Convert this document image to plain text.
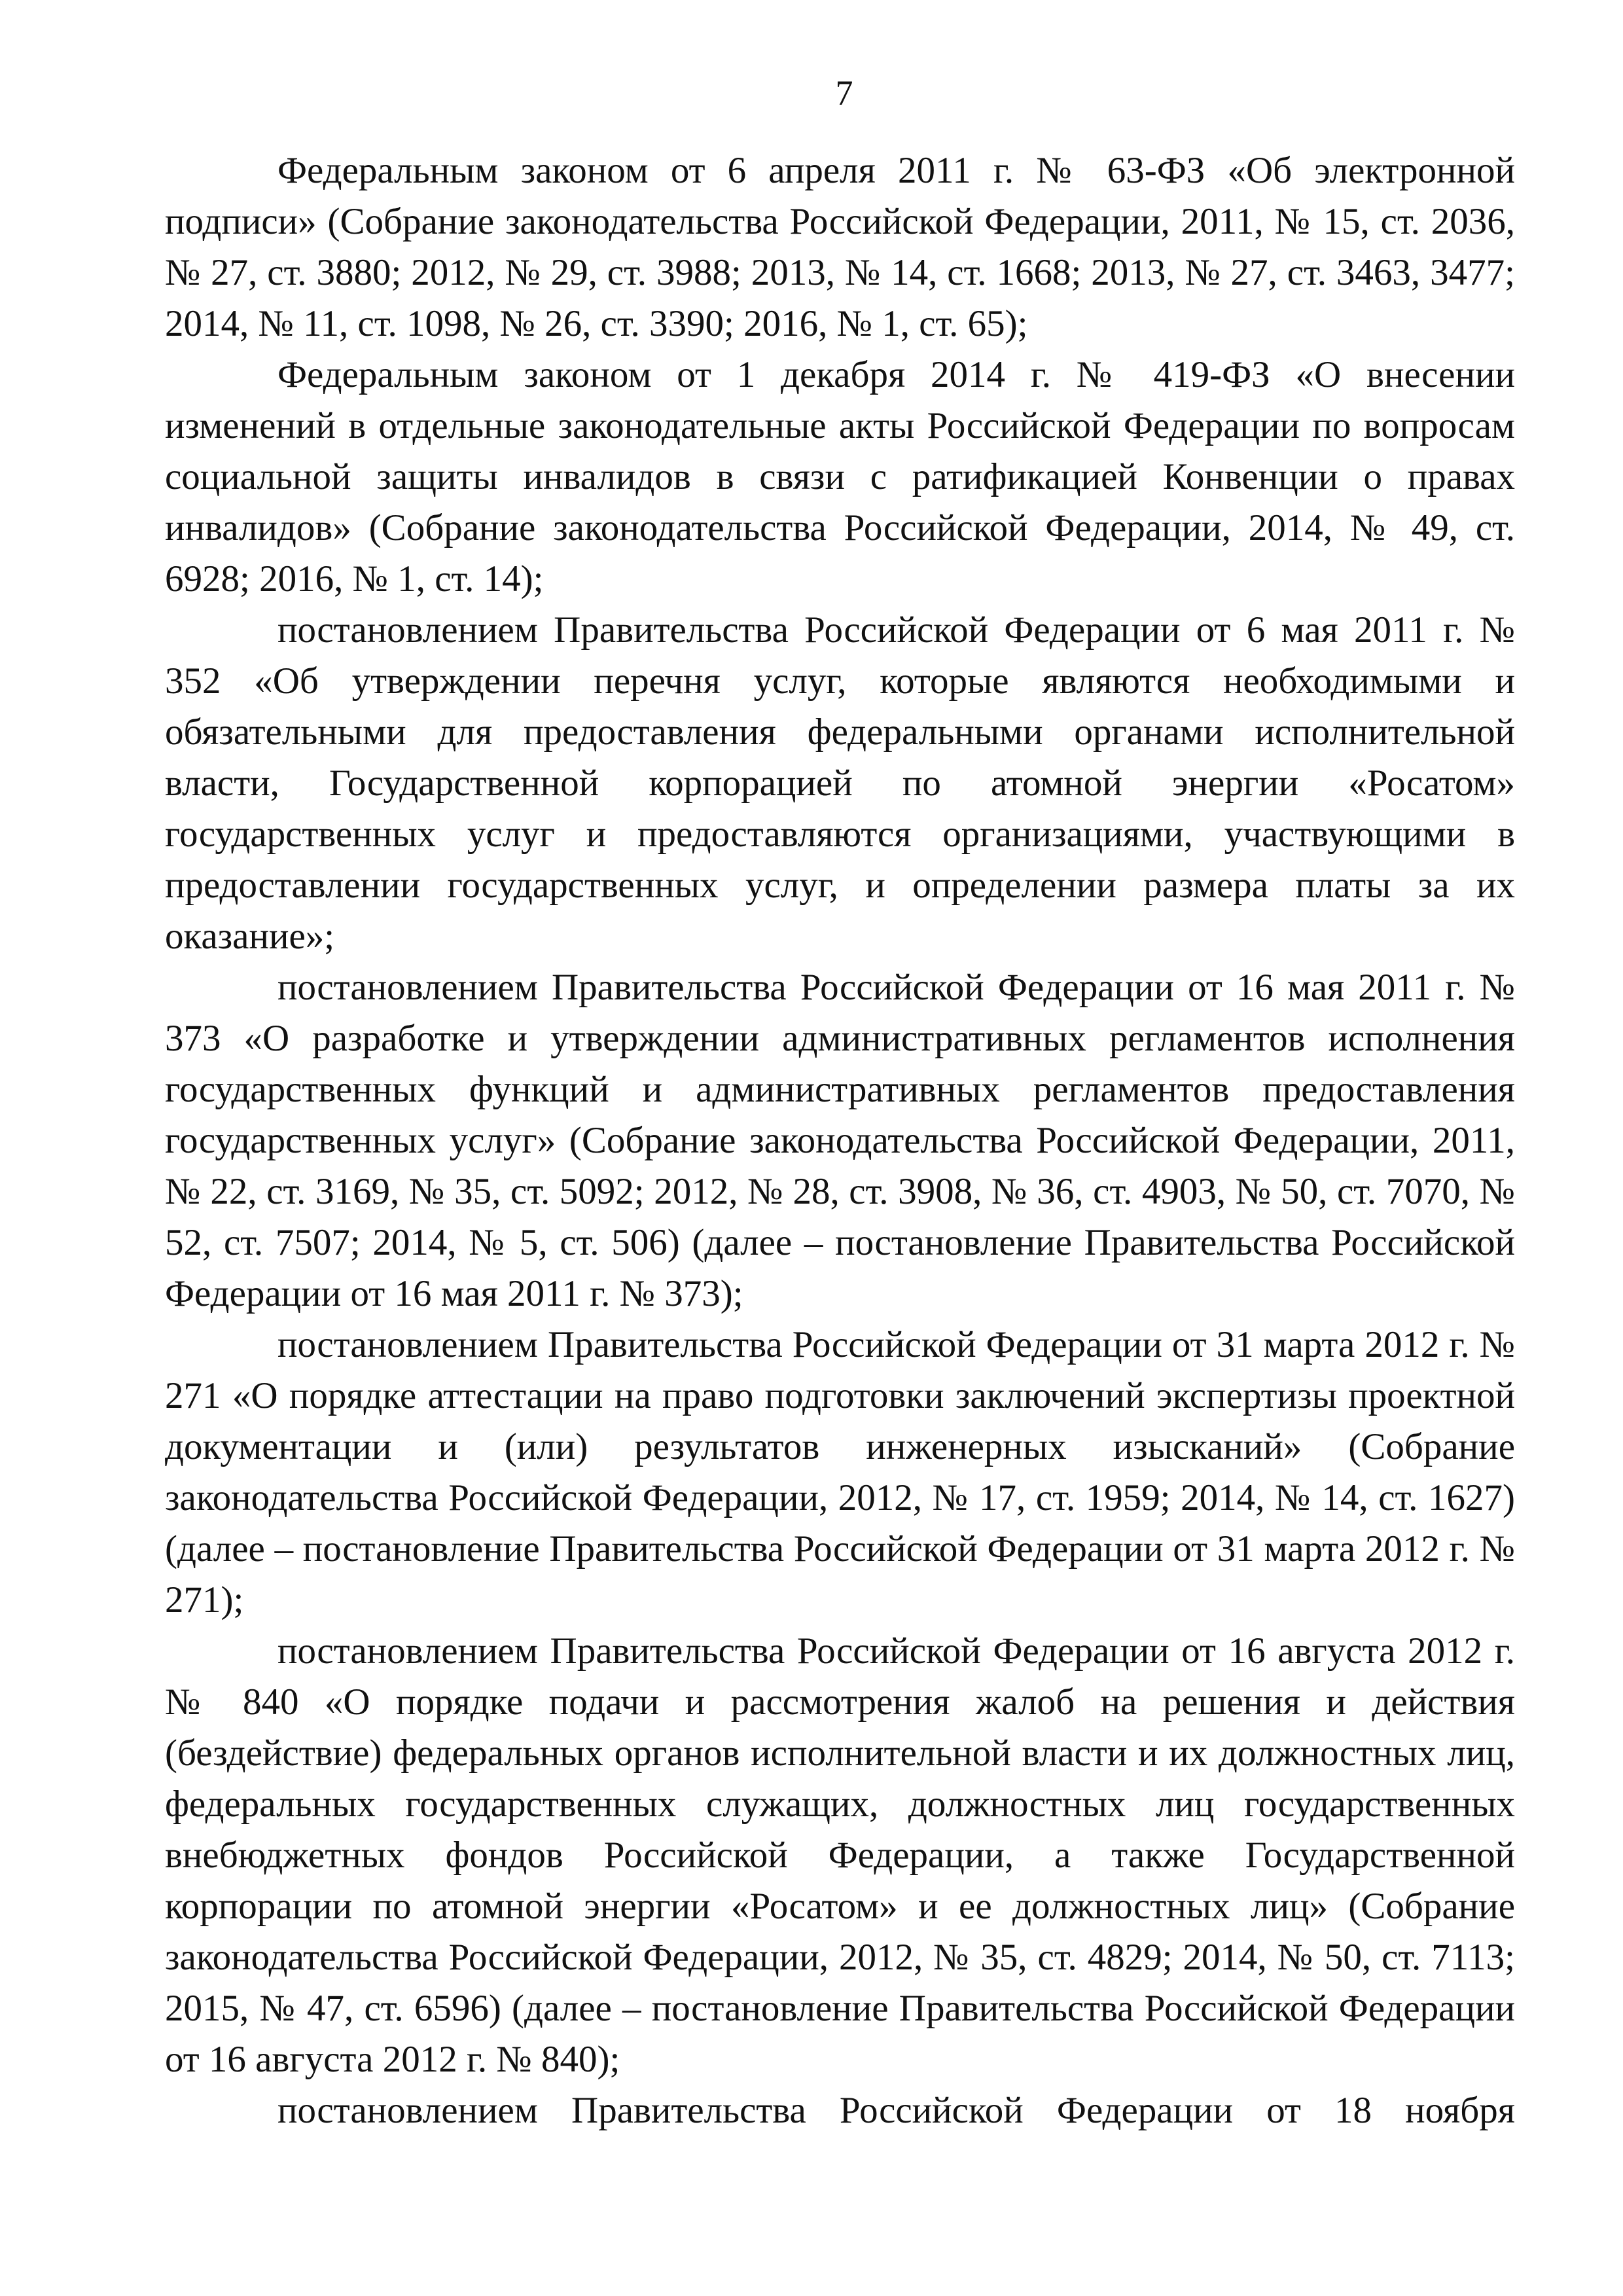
7

Федеральным законом от 6 апреля 2011 г. № 63-ФЗ «Об электронной подписи» (Собрание законодательства Российской Федерации, 2011, № 15, ст. 2036, № 27, ст. 3880; 2012, № 29, ст. 3988; 2013, № 14, ст. 1668; 2013, № 27, ст. 3463, 3477; 2014, № 11, ст. 1098, № 26, ст. 3390; 2016, № 1, ст. 65);

Федеральным законом от 1 декабря 2014 г. № 419-ФЗ «О внесении изменений в отдельные законодательные акты Российской Федерации по вопросам социальной защиты инвалидов в связи с ратификацией Конвенции о правах инвалидов» (Собрание законодательства Российской Федерации, 2014, № 49, ст. 6928; 2016, № 1, ст. 14);

постановлением Правительства Российской Федерации от 6 мая 2011 г. № 352 «Об утверждении перечня услуг, которые являются необходимыми и обязательными для предоставления федеральными органами исполнительной власти, Государственной корпорацией по атомной энергии «Росатом» государственных услуг и предоставляются организациями, участвующими в предоставлении государственных услуг, и определении размера платы за их оказание»;

постановлением Правительства Российской Федерации от 16 мая 2011 г. № 373 «О разработке и утверждении административных регламентов исполнения государственных функций и административных регламентов предоставления государственных услуг» (Собрание законодательства Российской Федерации, 2011, № 22, ст. 3169, № 35, ст. 5092; 2012, № 28, ст. 3908, № 36, ст. 4903, № 50, ст. 7070, № 52, ст. 7507; 2014, № 5, ст. 506) (далее – постановление Правительства Российской Федерации от 16 мая 2011 г. № 373);

постановлением Правительства Российской Федерации от 31 марта 2012 г. № 271 «О порядке аттестации на право подготовки заключений экспертизы проектной документации и (или) результатов инженерных изысканий» (Собрание законодательства Российской Федерации, 2012, № 17, ст. 1959; 2014, № 14, ст. 1627) (далее – постановление Правительства Российской Федерации от 31 марта 2012 г. № 271);

постановлением Правительства Российской Федерации от 16 августа 2012 г. № 840 «О порядке подачи и рассмотрения жалоб на решения и действия (бездействие) федеральных органов исполнительной власти и их должностных лиц, федеральных государственных служащих, должностных лиц государственных внебюджетных фондов Российской Федерации, а также Государственной корпорации по атомной энергии «Росатом» и ее должностных лиц» (Собрание законодательства Российской Федерации, 2012, № 35, ст. 4829; 2014, № 50, ст. 7113; 2015, № 47, ст. 6596) (далее – постановление Правительства Российской Федерации от 16 августа 2012 г. № 840);

постановлением Правительства Российской Федерации от 18 ноября
